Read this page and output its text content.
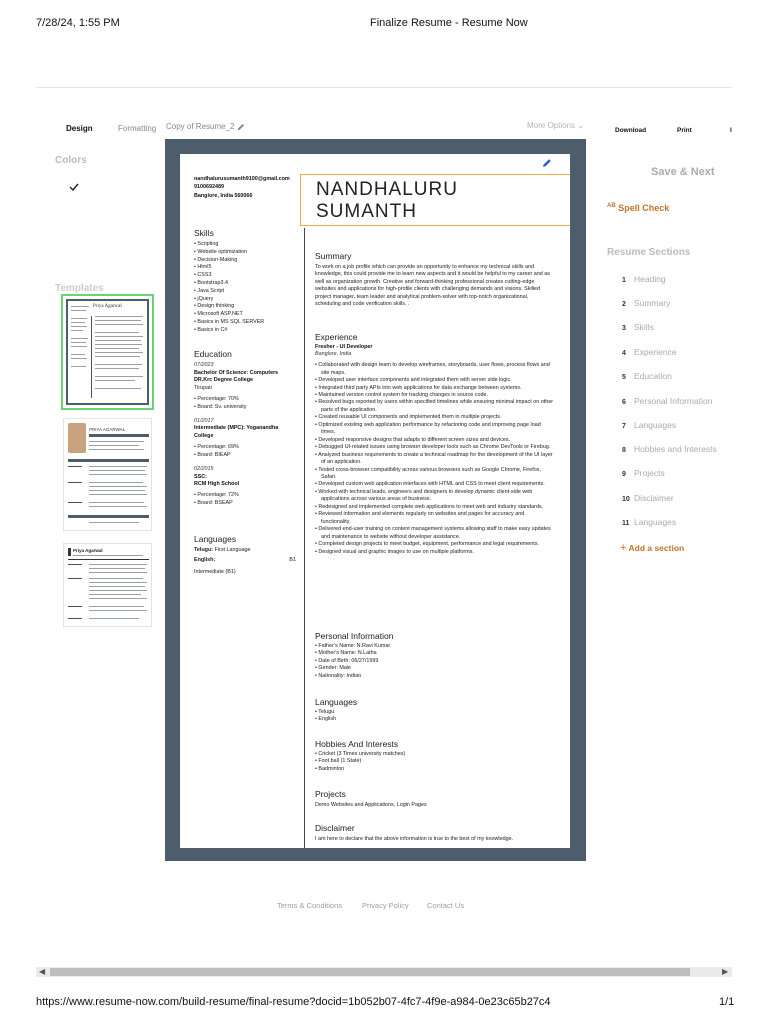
7/28/24, 1:55 PM	Finalize Resume - Resume Now
Design	Formatting Copy of Resume_2	More Options ⌄
Download	Print	I
Colors
Templates
Priya Agarwal
PRIYA AGARWAL
Priya Agarwal
nandhalurusumanth9100@gmail.com
9100692489
Banglore, India 560066	NANDHALURU
SUMANTH
Skills
• Scripting
• Website optimization
• Decision-Making
• Html5
• CSS3
• Bootstrap3.4
• Java Script
• jQuery
• Design thinking
• Microsoft ASP.NET
• Basics in MS SQL SERVER
• Basics in C#
Education
07/2023
Bachelor Of Science: Computers
DR.Krc Degree College
Tirupati
• Percentage: 70%
• Board: Sv. university
01/2017
Intermediate (MPC): Yoganandha College
• Percentage: 69%
• Board: BIEAP
02/2015
SSC:
RCM High School
• Percentage: 72%
• Board: BSEAP
Languages
Telugu: First Language
English:	B1
Intermediate (B1)
Summary
To work on a job profile which can provide an opportunity to enhance my technical skills and knowledge, this could provide me to learn new aspects and it would be helpful to my career and as well as organization growth. Creative and forward-thinking professional creates cutting-edge websites and applications for high-profile clients with challenging demands and visions. Skilled project manager, team leader and analytical problem-solver with top-notch organizational, scheduling and code verification skills. .
Experience
Fresher - UI Developer
Banglore, India
• Collaborated with design team to develop wireframes, storyboards, user flows, process flows and site maps.
• Developed user interface components and integrated them with server side logic.
• Integrated third party APIs into web applications for data exchange between systems.
• Maintained version control system for tracking changes in source code.
• Resolved bugs reported by users within specified timelines while ensuring minimal impact on other parts of the application.
• Created reusable UI components and implemented them in multiple projects.
• Optimized existing web application performance by refactoring code and improving page load times.
• Developed responsive designs that adapts to different screen sizes and devices.
• Debugged UI-related issues using browser developer tools such as Chrome DevTools or Firebug.
• Analyzed business requirements to create a technical roadmap for the development of the UI layer of an application.
• Tested cross-browser compatibility across various browsers such as Google Chrome, Firefox, Safari.
• Developed custom web application interfaces with HTML and CSS to meet client requirements.
• Worked with technical leads, engineers and designers to develop dynamic client-side web applications across various areas of business.
• Redesigned and implemented complete web applications to meet web and industry standards.
• Reviewed information and elements regularly on websites and pages for accuracy and functionality.
• Delivered end-user training on content management systems allowing staff to make easy updates and maintenance to website without developer assistance.
• Completed design projects to meet budget, equipment, performance and legal requirements.
• Designed visual and graphic images to use on multiple platforms.
Personal Information
• Father's Name: N.Ravi Kumar
• Mother's Name: N.Latha
• Date of Birth: 06/27/1999
• Gender: Male
• Nationality: Indian
Languages
• Telugu
• English
Hobbies And Interests
• Cricket (3 Times university matches)
• Foot ball (1 State)
• Badminton
Projects
Demo Websites and Applications, Login Pages
Disclaimer
I am here to declare that the above information is true to the best of my knowledge.
Save & Next
$^{AB}$ Spell Check
Resume Sections
1 Heading
2 Summary
3 Skills
4 Experience
5 Education
6 Personal Information
7 Languages
8 Hobbies and Interests
9 Projects
10 Disclaimer
11 Languages
+ Add a section
Terms & Conditions	Privacy Policy Contact Us
◀	▶
https://www.resume-now.com/build-resume/final-resume?docid=1b052b07-4fc7-4f9e-a984-0e23c65b27c4	1/1
